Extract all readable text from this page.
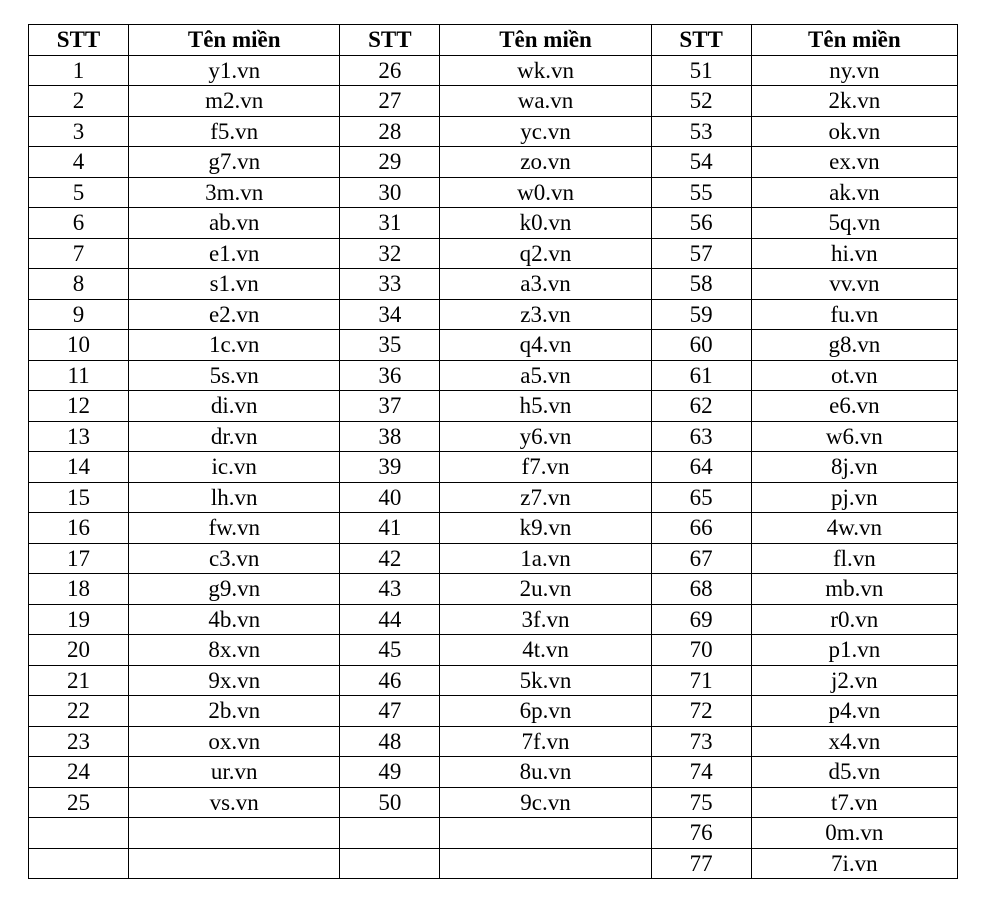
STT	Tên miền	STT	Tên miền	STT	Tên miền
1	y1.vn	26	wk.vn	51	ny.vn
2	m2.vn	27	wa.vn	52	2k.vn
3	f5.vn	28	yc.vn	53	ok.vn
4	g7.vn	29	zo.vn	54	ex.vn
5	3m.vn	30	w0.vn	55	ak.vn
6	ab.vn	31	k0.vn	56	5q.vn
7	e1.vn	32	q2.vn	57	hi.vn
8	s1.vn	33	a3.vn	58	vv.vn
9	e2.vn	34	z3.vn	59	fu.vn
10	1c.vn	35	q4.vn	60	g8.vn
11	5s.vn	36	a5.vn	61	ot.vn
12	di.vn	37	h5.vn	62	e6.vn
13	dr.vn	38	y6.vn	63	w6.vn
14	ic.vn	39	f7.vn	64	8j.vn
15	lh.vn	40	z7.vn	65	pj.vn
16	fw.vn	41	k9.vn	66	4w.vn
17	c3.vn	42	1a.vn	67	fl.vn
18	g9.vn	43	2u.vn	68	mb.vn
19	4b.vn	44	3f.vn	69	r0.vn
20	8x.vn	45	4t.vn	70	p1.vn
21	9x.vn	46	5k.vn	71	j2.vn
22	2b.vn	47	6p.vn	72	p4.vn
23	ox.vn	48	7f.vn	73	x4.vn
24	ur.vn	49	8u.vn	74	d5.vn
25	vs.vn	50	9c.vn	75	t7.vn
				76	0m.vn
				77	7i.vn
